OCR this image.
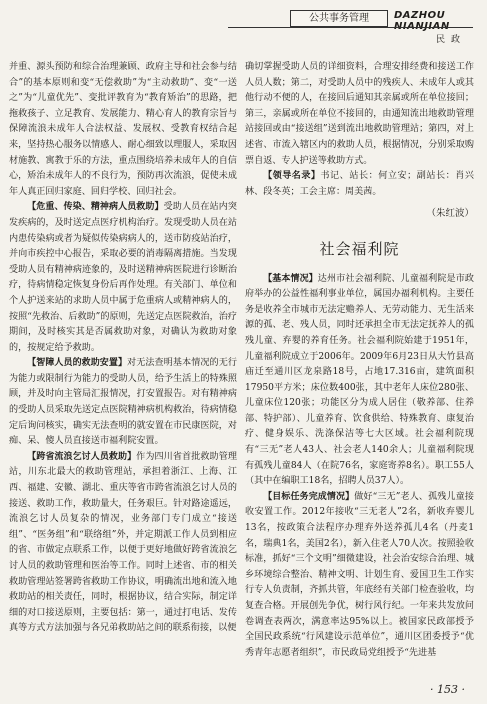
公共事务管理	DAZHOU NIANJIAN
民政

并重、源头预防和综合治理兼顾、政府主导和社会参与结合”的基本原则和变“无偿救助”为“主动救助”、变“一送之”为“儿童优先”、变批评教育为“教育矫治”的思路，把拖救孩子、立足教育、发展能力、精心育人的教育宗旨与保障流浪未成年人合法权益、发展权、受教育权结合起来，坚持热心服务以情感人、耐心细致以理服人，采取因材施教、寓教于乐的方法，重点围绕培养未成年人的自信心，矫治未成年人的不良行为，预防再次流浪，促使未成年人真正回归家庭、回归学校、回归社会。

【危重、传染、精神病人员救助】受助人员在站内突发疾病的，及时送定点医疗机构治疗。发现受助人员在站内患传染病或者为疑似传染病病人的，送市防疫站治疗，并向市疾控中心报告，采取必要的消毒隔离措施。当发现受助人员有精神病迹象的，及时送精神病医院进行诊断治疗，待病情稳定恢复身份后再作处理。有关部门、单位和个人护送来站的求助人员中属于危重病人或精神病人的，按照“先救治、后救助”的原则，先送定点医院救治，治疗期间，及时核实其是否属救助对象，对确认为救助对象的，按规定给予救助。

【智障人员的救助安置】对无法查明基本情况的无行为能力或限制行为能力的受助人员，给予生活上的特殊照顾，并及时向主管局汇报情况，打安置报告。对有精神病的受助人员采取先送定点医院精神病机构救治，待病情稳定后询问核实，确实无法查明的就安置在市民康医院，对痴、呆、傻人员直接送市福利院安置。

【跨省流浪乞讨人员救助】作为四川省首批救助管理站，川东北最大的救助管理站，承担着浙江、上海、江西、福建、安徽、湖北、重庆等省市跨省流浪乞讨人员的接送、救助工作，救助量大，任务艰巨。针对路途遥远，流浪乞讨人员复杂的情况，业务部门专门成立“接送组”、“医务组”和“联络组”外，并定期派工作人员到相应的省、市做定点联系工作，以便于更好地做好跨省流浪乞讨人员的救助管理和医治等工作。同时上述省、市的相关救助管理站签署跨省救助工作协议，明确流出地和流入地救助站的相关责任，同时，根据协议，结合实际，制定详细的对口接送原则，主要包括：第一，通过打电话、发传真等方式方法加强与各兄弟救助站之间的联系衔接，以便

确切掌握受助人员的详细资料，合理安排经费和接送工作人员人数；第二，对受助人员中的残疾人、未成年人或其他行动不便的人，在接回后通知其亲属或所在单位接回；第三，亲属或所在单位不接回的，由通知流出地救助管理站接回或由“接送组”送到流出地救助管理站；第四，对上述省、市流入辖区内的救助人员，根据情况，分别采取购票自返、专人护送等救助方式。

【领导名录】书记、站长：何立安；副站长：肖兴林、段冬英；工会主席：周美茜。

（朱红波）
社会福利院

【基本情况】达州市社会福利院、儿童福利院是市政府举办的公益性福利事业单位，属国办福利机构。主要任务是收养全市城市无法定赡养人、无劳动能力、无生活来源的孤、老、残人员，同时还承担全市无法定抚养人的孤残儿童、弃婴的养育任务。社会福利院始建于1951年，儿童福利院成立于2006年。2009年6月23日从大竹县高庙迁至通川区龙泉路18号，占地17.316亩，建筑面积17950平方米；床位数400张，其中老年人床位280张、儿童床位120张；功能区分为成人居住（敬养部、住养部、特护部）、儿童养育、饮食供给、特殊教育、康复治疗、健身娱乐、洗涤保洁等七大区域。社会福利院现有“三无”老人43人、社会老人140余人；儿童福利院现有孤残儿童84人（在院76名，家庭寄养8名）。职工55人（其中在编职工18名，招聘人员37人）。

【目标任务完成情况】做好“三无”老人、孤残儿童接收安置工作。2012年接收“三无老人”2名，新收弃婴儿13名，按政策合法程序办理弃外送养孤儿4名（丹麦1名，瑞典1名，美国2名），新入住老人70人次。按照验收标准，抓好“三个文明”细微建设，社会治安综合治理、城乡环境综合整治、精神文明、计划生育、爱国卫生工作实行专人负责制，齐抓共管，年底经有关部门检查验收，均复查合格。开展创先争优，树行风行纪。一年来共发放问卷调查表两次，满意率达95%以上。被国家民政部授予全国民政系统“行风建设示范单位”，通川区团委授予“优秀青年志愿者组织”，市民政局党组授予“先进基

· 153 ·
